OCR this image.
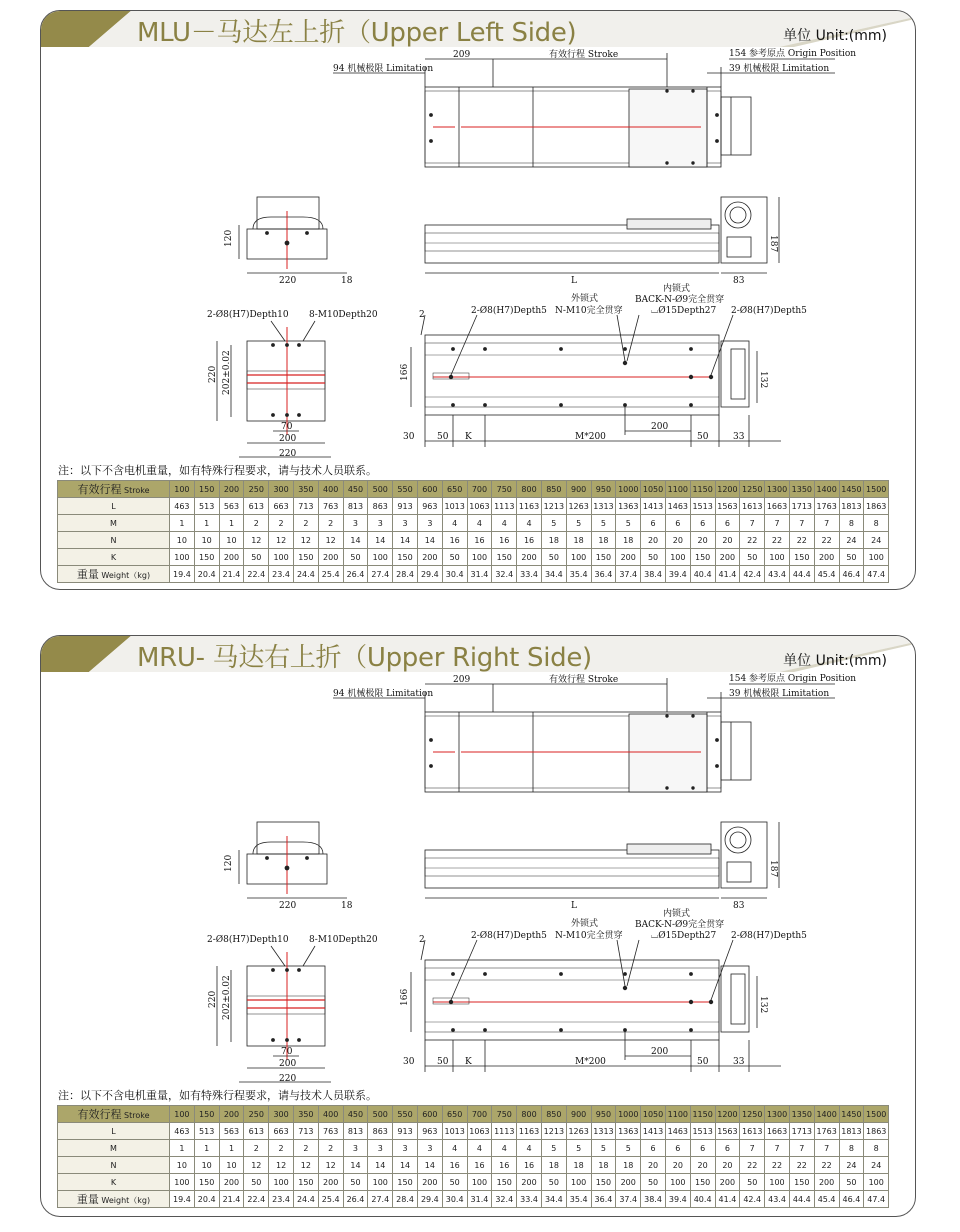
MLU－马达左上折（Upper Left Side)	单位 Unit:(mm)
209	有效行程 Stroke	154 参考原点 Origin Position
94 机械极限 Limitation	39 机械极限 Limitation
120
220	18	L	83
187
2-Ø8(H7)Depth10 8-M10Depth20
220 202±0.02
70
200
220
2	2-Ø8(H7)Depth5
外锁式
N-M10完全贯穿
内锁式
BACK-N-Ø9完全贯穿
⌴Ø15Depth27 2-Ø8(H7)Depth5
166	132
30	50 K	M*200
200
50	33
注：以下不含电机重量，如有特殊行程要求，请与技术人员联系。
有效行程 Stroke	100	150	200	250	300	350	400	450	500	550	600	650	700	750	800	850	900	950	1000	1050	1100	1150	1200	1250	1300	1350	1400	1450	1500
L	463	513	563	613	663	713	763	813	863	913	963	1013	1063	1113	1163	1213	1263	1313	1363	1413	1463	1513	1563	1613	1663	1713	1763	1813	1863
M	1	1	1	2	2	2	2	3	3	3	3	4	4	4	4	5	5	5	5	6	6	6	6	7	7	7	7	8	8
N	10	10	10	12	12	12	12	14	14	14	14	16	16	16	16	18	18	18	18	20	20	20	20	22	22	22	22	24	24
K	100	150	200	50	100	150	200	50	100	150	200	50	100	150	200	50	100	150	200	50	100	150	200	50	100	150	200	50	100
重量 Weight（kg)	19.4	20.4	21.4	22.4	23.4	24.4	25.4	26.4	27.4	28.4	29.4	30.4	31.4	32.4	33.4	34.4	35.4	36.4	37.4	38.4	39.4	40.4	41.4	42.4	43.4	44.4	45.4	46.4	47.4
MRU- 马达右上折（Upper Right Side)	单位 Unit:(mm)
209	有效行程 Stroke	154 参考原点 Origin Position
94 机械极限 Limitation	39 机械极限 Limitation
120
220	18	L	83
187
2-Ø8(H7)Depth10 8-M10Depth20
220 202±0.02
70
200
220
2	2-Ø8(H7)Depth5
外锁式
N-M10完全贯穿
内锁式
BACK-N-Ø9完全贯穿
⌴Ø15Depth27 2-Ø8(H7)Depth5
166	132
30	50 K	M*200
200
50	33
注：以下不含电机重量，如有特殊行程要求，请与技术人员联系。
有效行程 Stroke	100	150	200	250	300	350	400	450	500	550	600	650	700	750	800	850	900	950	1000	1050	1100	1150	1200	1250	1300	1350	1400	1450	1500
L	463	513	563	613	663	713	763	813	863	913	963	1013	1063	1113	1163	1213	1263	1313	1363	1413	1463	1513	1563	1613	1663	1713	1763	1813	1863
M	1	1	1	2	2	2	2	3	3	3	3	4	4	4	4	5	5	5	5	6	6	6	6	7	7	7	7	8	8
N	10	10	10	12	12	12	12	14	14	14	14	16	16	16	16	18	18	18	18	20	20	20	20	22	22	22	22	24	24
K	100	150	200	50	100	150	200	50	100	150	200	50	100	150	200	50	100	150	200	50	100	150	200	50	100	150	200	50	100
重量 Weight（kg)	19.4	20.4	21.4	22.4	23.4	24.4	25.4	26.4	27.4	28.4	29.4	30.4	31.4	32.4	33.4	34.4	35.4	36.4	37.4	38.4	39.4	40.4	41.4	42.4	43.4	44.4	45.4	46.4	47.4
